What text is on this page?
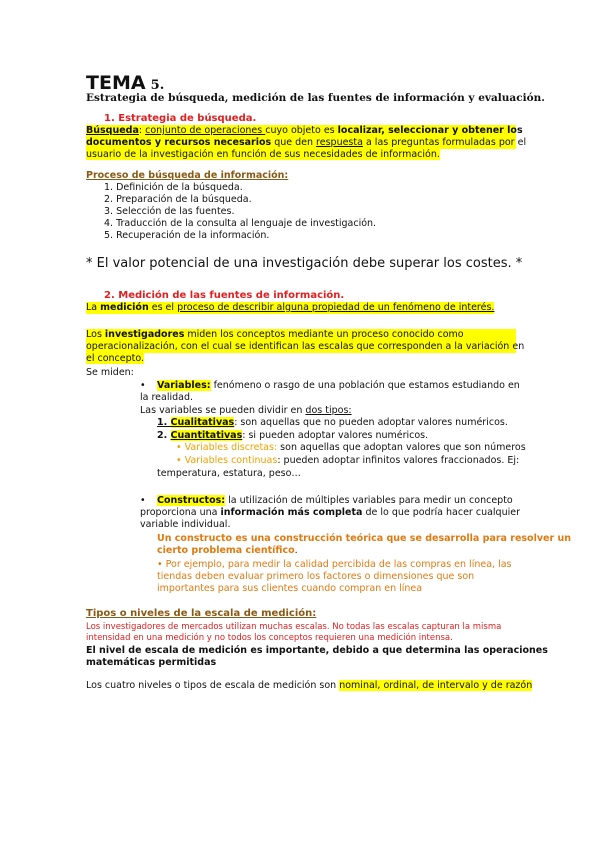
TEMA 5.
Estrategia de búsqueda, medición de las fuentes de información y evaluación.
1. Estrategia de búsqueda.
Búsqueda: conjunto de operaciones cuyo objeto es localizar, seleccionar y obtener los
documentos y recursos necesarios que den respuesta a las preguntas formuladas por el
usuario de la investigación en función de sus necesidades de información.
Proceso de búsqueda de información:
1. Definición de la búsqueda.
2. Preparación de la búsqueda.
3. Selección de las fuentes.
4. Traducción de la consulta al lenguaje de investigación.
5. Recuperación de la información.
* El valor potencial de una investigación debe superar los costes. *
2. Medición de las fuentes de información.
La medición es el proceso de describir alguna propiedad de un fenómeno de interés.
Los investigadores miden los conceptos mediante un proceso conocido como
operacionalización, con el cual se identifican las escalas que corresponden a la variación en
el concepto.
Se miden:
• Variables: fenómeno o rasgo de una población que estamos estudiando en
la realidad.
Las variables se pueden dividir en dos tipos:
1. Cualitativas: son aquellas que no pueden adoptar valores numéricos.
2. Cuantitativas: si pueden adoptar valores numéricos.
• Variables discretas: son aquellas que adoptan valores que son números
• Variables continuas: pueden adoptar infinitos valores fraccionados. Ej:
temperatura, estatura, peso…
• Constructos: la utilización de múltiples variables para medir un concepto
proporciona una información más completa de lo que podría hacer cualquier
variable individual.
Un constructo es una construcción teórica que se desarrolla para resolver un
cierto problema científico.
• Por ejemplo, para medir la calidad percibida de las compras en línea, las
tiendas deben evaluar primero los factores o dimensiones que son
importantes para sus clientes cuando compran en línea
Tipos o niveles de la escala de medición:
Los investigadores de mercados utilizan muchas escalas. No todas las escalas capturan la misma
intensidad en una medición y no todos los conceptos requieren una medición intensa.
El nivel de escala de medición es importante, debido a que determina las operaciones
matemáticas permitidas
Los cuatro niveles o tipos de escala de medición son nominal, ordinal, de intervalo y de razón
